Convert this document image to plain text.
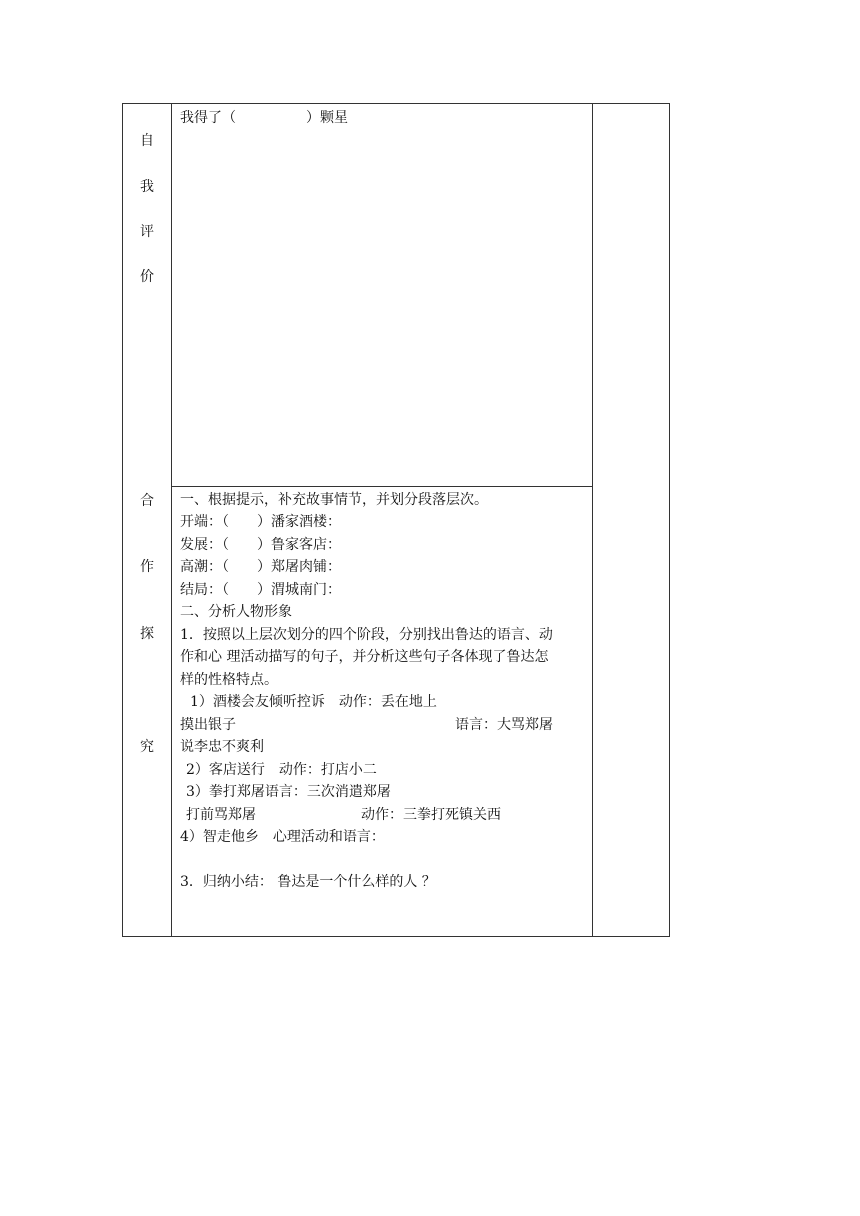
自
我
评
价
我得了（　　　　　）颗星
合
作
探
究
一、根据提示，补充故事情节，并划分段落层次。
开端：（　　）潘家酒楼：
发展：（　　）鲁家客店：
高潮：（　　）郑屠肉铺：
结局：（　　）渭城南门：
二、分析人物形象
1．按照以上层次划分的四个阶段，分别找出鲁达的语言、动
作和心 理活动描写的句子，并分析这些句子各体现了鲁达怎
样的性格特点。
1）酒楼会友倾听控诉　动作：丢在地上
摸出银子	语言：大骂郑屠
说李忠不爽利
2）客店送行　动作：打店小二
3）拳打郑屠语言：三次消遣郑屠
打前骂郑屠	动作：三拳打死镇关西
4）智走他乡　心理活动和语言：
3．归纳小结： 鲁达是一个什么样的人 ？
